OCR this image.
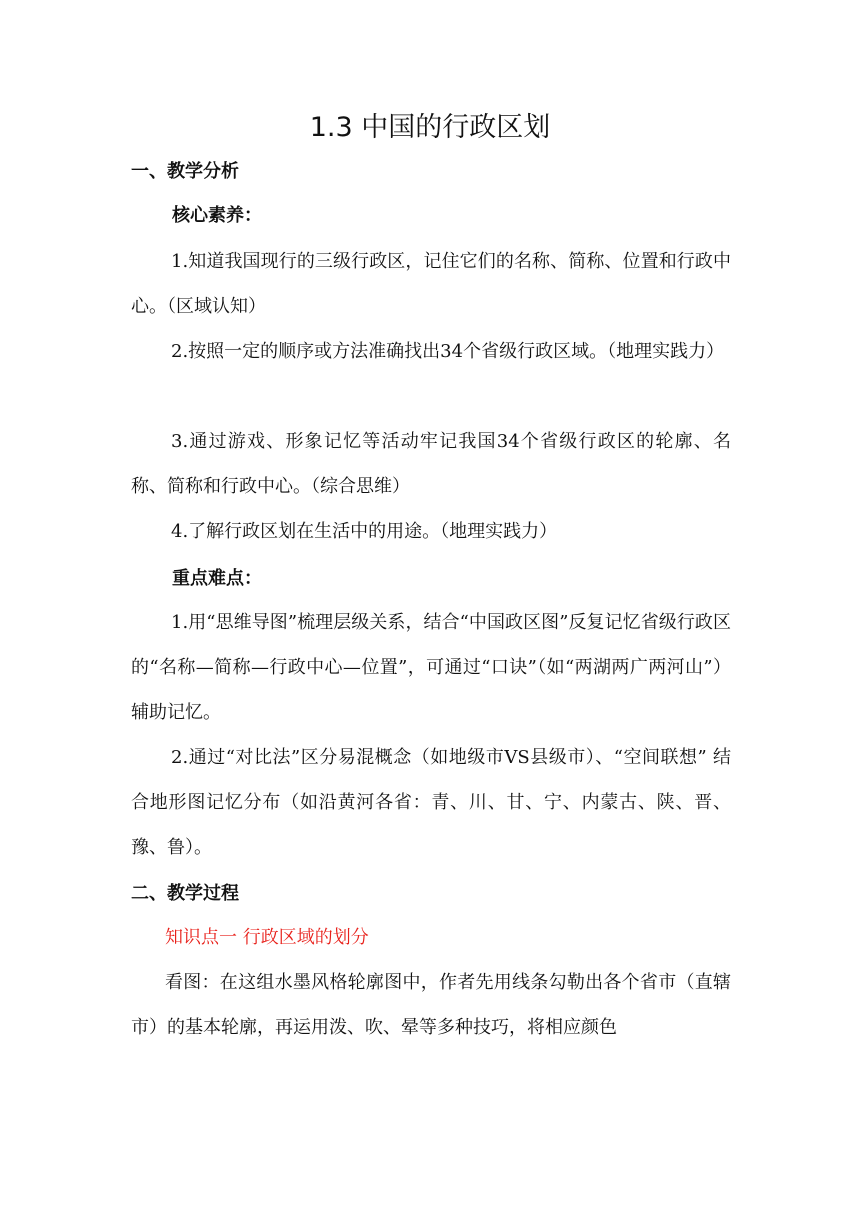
1.3 中国的行政区划
一、教学分析
核心素养：

1.知道我国现行的三级行政区，记住它们的名称、简称、位置和行政中心。（区域认知）

2.按照一定的顺序或方法准确找出34个省级行政区域。（地理实践力）

3.通过游戏、形象记忆等活动牢记我国34个省级行政区的轮廓、名称、简称和行政中心。（综合思维）

4.了解行政区划在生活中的用途。（地理实践力）

重点难点：

1.用“思维导图”梳理层级关系，结合“中国政区图”反复记忆省级行政区的“名称—简称—行政中心—位置”，可通过“口诀”（如“两湖两广两河山”）辅助记忆。

2.通过“对比法”区分易混概念（如地级市VS县级市）、“空间联想” 结合地形图记忆分布（如沿黄河各省：青、川、甘、宁、内蒙古、陕、晋、豫、鲁）。

二、教学过程
知识点一 行政区域的划分

看图：在这组水墨风格轮廓图中，作者先用线条勾勒出各个省市（直辖市）的基本轮廓，再运用泼、吹、晕等多种技巧，将相应颜色
